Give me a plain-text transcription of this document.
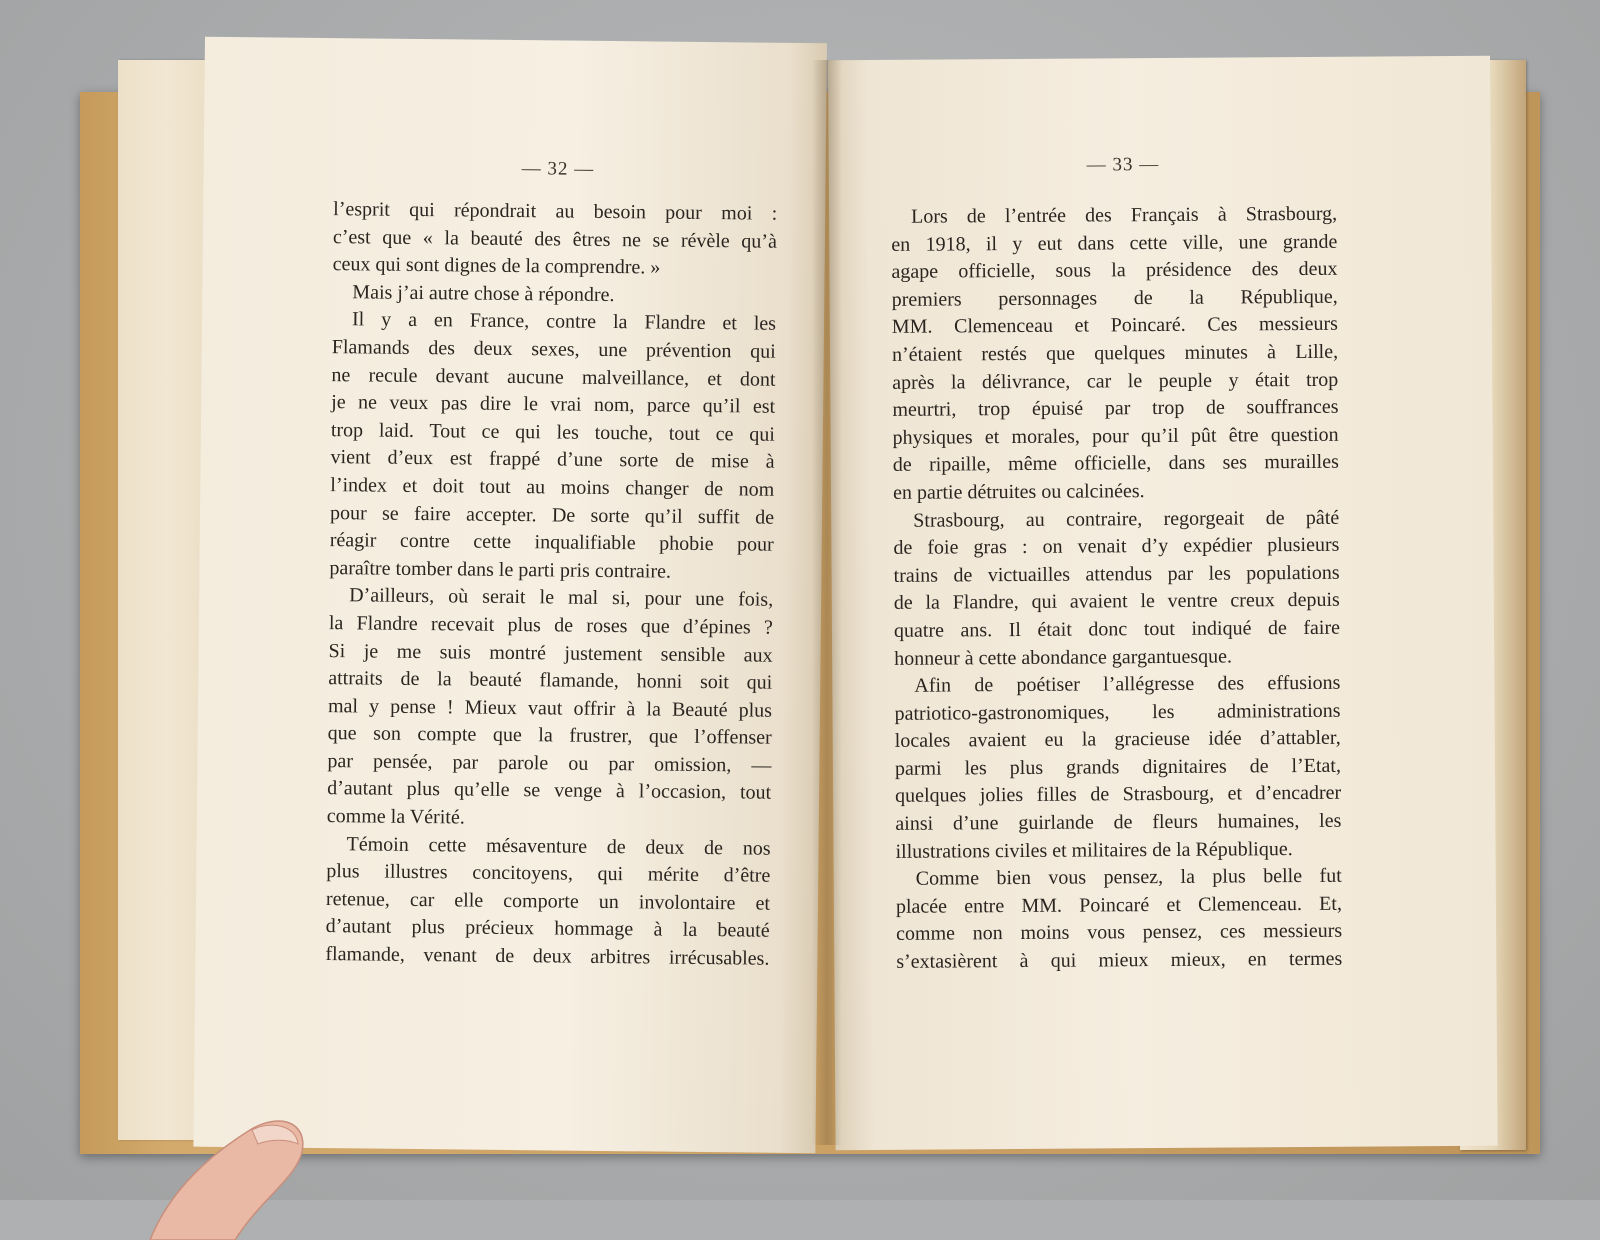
— 32 —
l’esprit qui répondrait au besoin pour moi :
c’est que « la beauté des êtres ne se révèle qu’à
ceux qui sont dignes de la comprendre. »
Mais j’ai autre chose à répondre.
Il y a en France, contre la Flandre et les
Flamands des deux sexes, une prévention qui
ne recule devant aucune malveillance, et dont
je ne veux pas dire le vrai nom, parce qu’il est
trop laid. Tout ce qui les touche, tout ce qui
vient d’eux est frappé d’une sorte de mise à
l’index et doit tout au moins changer de nom
pour se faire accepter. De sorte qu’il suffit de
réagir contre cette inqualifiable phobie pour
paraître tomber dans le parti pris contraire.
D’ailleurs, où serait le mal si, pour une fois,
la Flandre recevait plus de roses que d’épines ?
Si je me suis montré justement sensible aux
attraits de la beauté flamande, honni soit qui
mal y pense ! Mieux vaut offrir à la Beauté plus
que son compte que la frustrer, que l’offenser
par pensée, par parole ou par omission, —
d’autant plus qu’elle se venge à l’occasion, tout
comme la Vérité.
Témoin cette mésaventure de deux de nos
plus illustres concitoyens, qui mérite d’être
retenue, car elle comporte un involontaire et
d’autant plus précieux hommage à la beauté
flamande, venant de deux arbitres irrécusables.
— 33 —
Lors de l’entrée des Français à Strasbourg,
en 1918, il y eut dans cette ville, une grande
agape officielle, sous la présidence des deux
premiers personnages de la République,
MM. Clemenceau et Poincaré. Ces messieurs
n’étaient restés que quelques minutes à Lille,
après la délivrance, car le peuple y était trop
meurtri, trop épuisé par trop de souffrances
physiques et morales, pour qu’il pût être question
de ripaille, même officielle, dans ses murailles
en partie détruites ou calcinées.
Strasbourg, au contraire, regorgeait de pâté
de foie gras : on venait d’y expédier plusieurs
trains de victuailles attendus par les populations
de la Flandre, qui avaient le ventre creux depuis
quatre ans. Il était donc tout indiqué de faire
honneur à cette abondance gargantuesque.
Afin de poétiser l’allégresse des effusions
patriotico-gastronomiques, les administrations
locales avaient eu la gracieuse idée d’attabler,
parmi les plus grands dignitaires de l’Etat,
quelques jolies filles de Strasbourg, et d’encadrer
ainsi d’une guirlande de fleurs humaines, les
illustrations civiles et militaires de la République.
Comme bien vous pensez, la plus belle fut
placée entre MM. Poincaré et Clemenceau. Et,
comme non moins vous pensez, ces messieurs
s’extasièrent à qui mieux mieux, en termes
